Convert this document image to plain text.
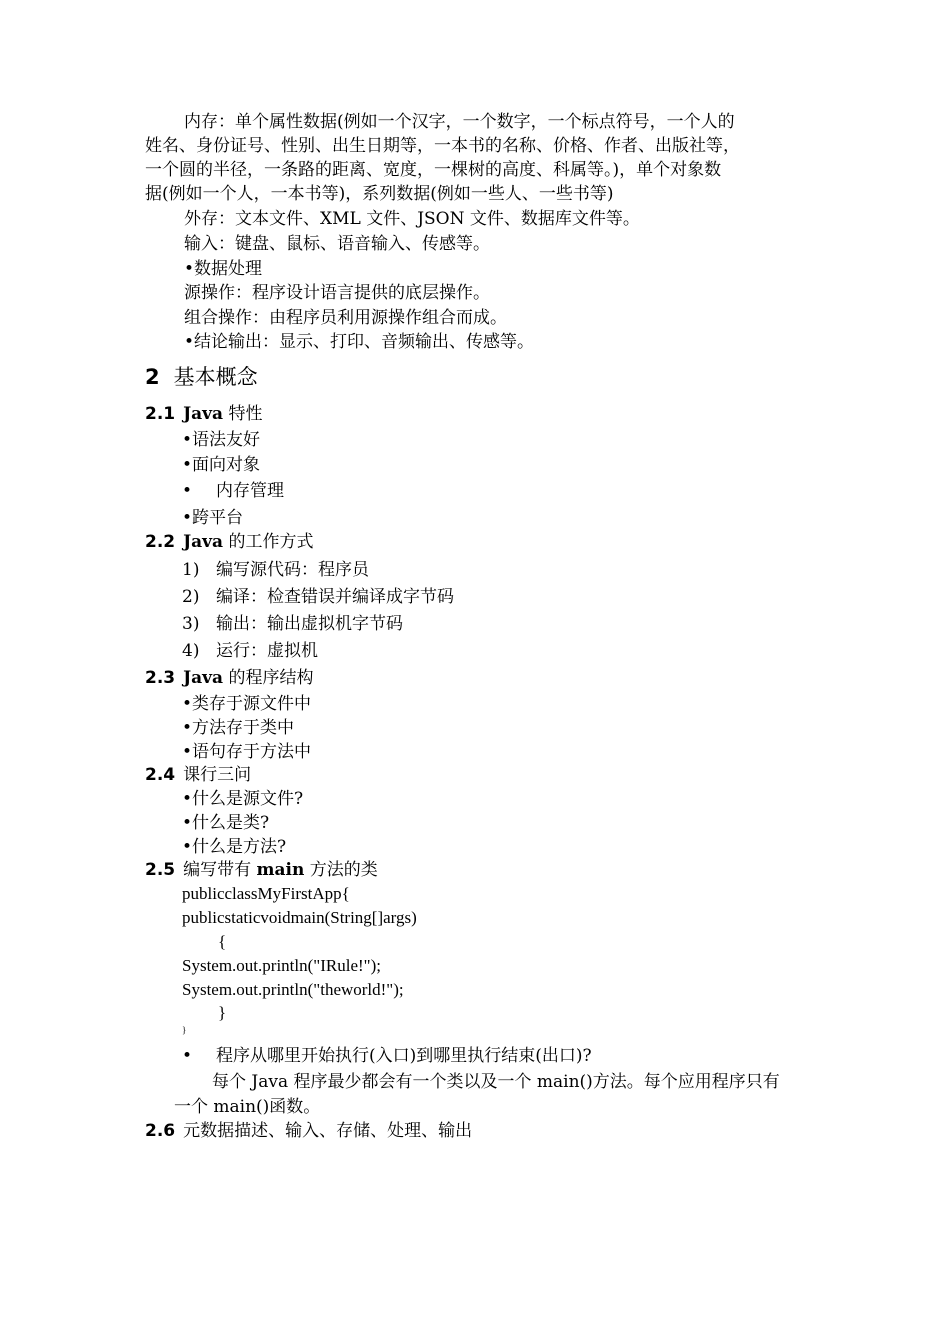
内存：单个属性数据(例如一个汉字，一个数字，一个标点符号，一个人的
姓名、身份证号、性别、出生日期等，一本书的名称、价格、作者、出版社等，
一个圆的半径，一条路的距离、宽度，一棵树的高度、科属等。)，单个对象数
据(例如一个人，一本书等)，系列数据(例如一些人、一些书等)
外存：文本文件、XML 文件、JSON 文件、数据库文件等。
输入：键盘、鼠标、语音输入、传感等。
•数据处理
源操作：程序设计语言提供的底层操作。
组合操作：由程序员利用源操作组合而成。
•结论输出：显示、打印、音频输出、传感等。
2 基本概念
2.1 Java 特性
•语法友好
•面向对象
• 内存管理
•跨平台
2.2 Java 的工作方式
1) 编写源代码：程序员
2) 编译：检查错误并编译成字节码
3) 输出：输出虚拟机字节码
4) 运行：虚拟机
2.3 Java 的程序结构
•类存于源文件中
•方法存于类中
•语句存于方法中
2.4 课行三问
•什么是源文件?
•什么是类?
•什么是方法?
2.5 编写带有 main 方法的类
publicclassMyFirstApp{
publicstaticvoidmain(String[]args)
{
System.out.println("IRule!");
System.out.println("theworld!");
}
}
• 程序从哪里开始执行(入口)到哪里执行结束(出口)?
每个 Java 程序最少都会有一个类以及一个 main()方法。每个应用程序只有
一个 main()函数。
2.6 元数据描述、输入、存储、处理、输出
